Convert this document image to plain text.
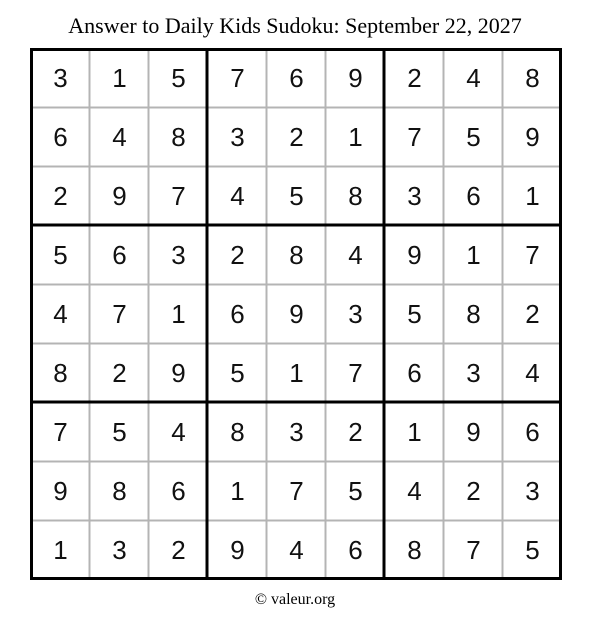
Answer to Daily Kids Sudoku: September 22, 2027
3	1	5	7	6	9	2	4	8
6	4	8	3	2	1	7	5	9
2	9	7	4	5	8	3	6	1
5	6	3	2	8	4	9	1	7
4	7	1	6	9	3	5	8	2
8	2	9	5	1	7	6	3	4
7	5	4	8	3	2	1	9	6
9	8	6	1	7	5	4	2	3
1	3	2	9	4	6	8	7	5
© valeur.org
